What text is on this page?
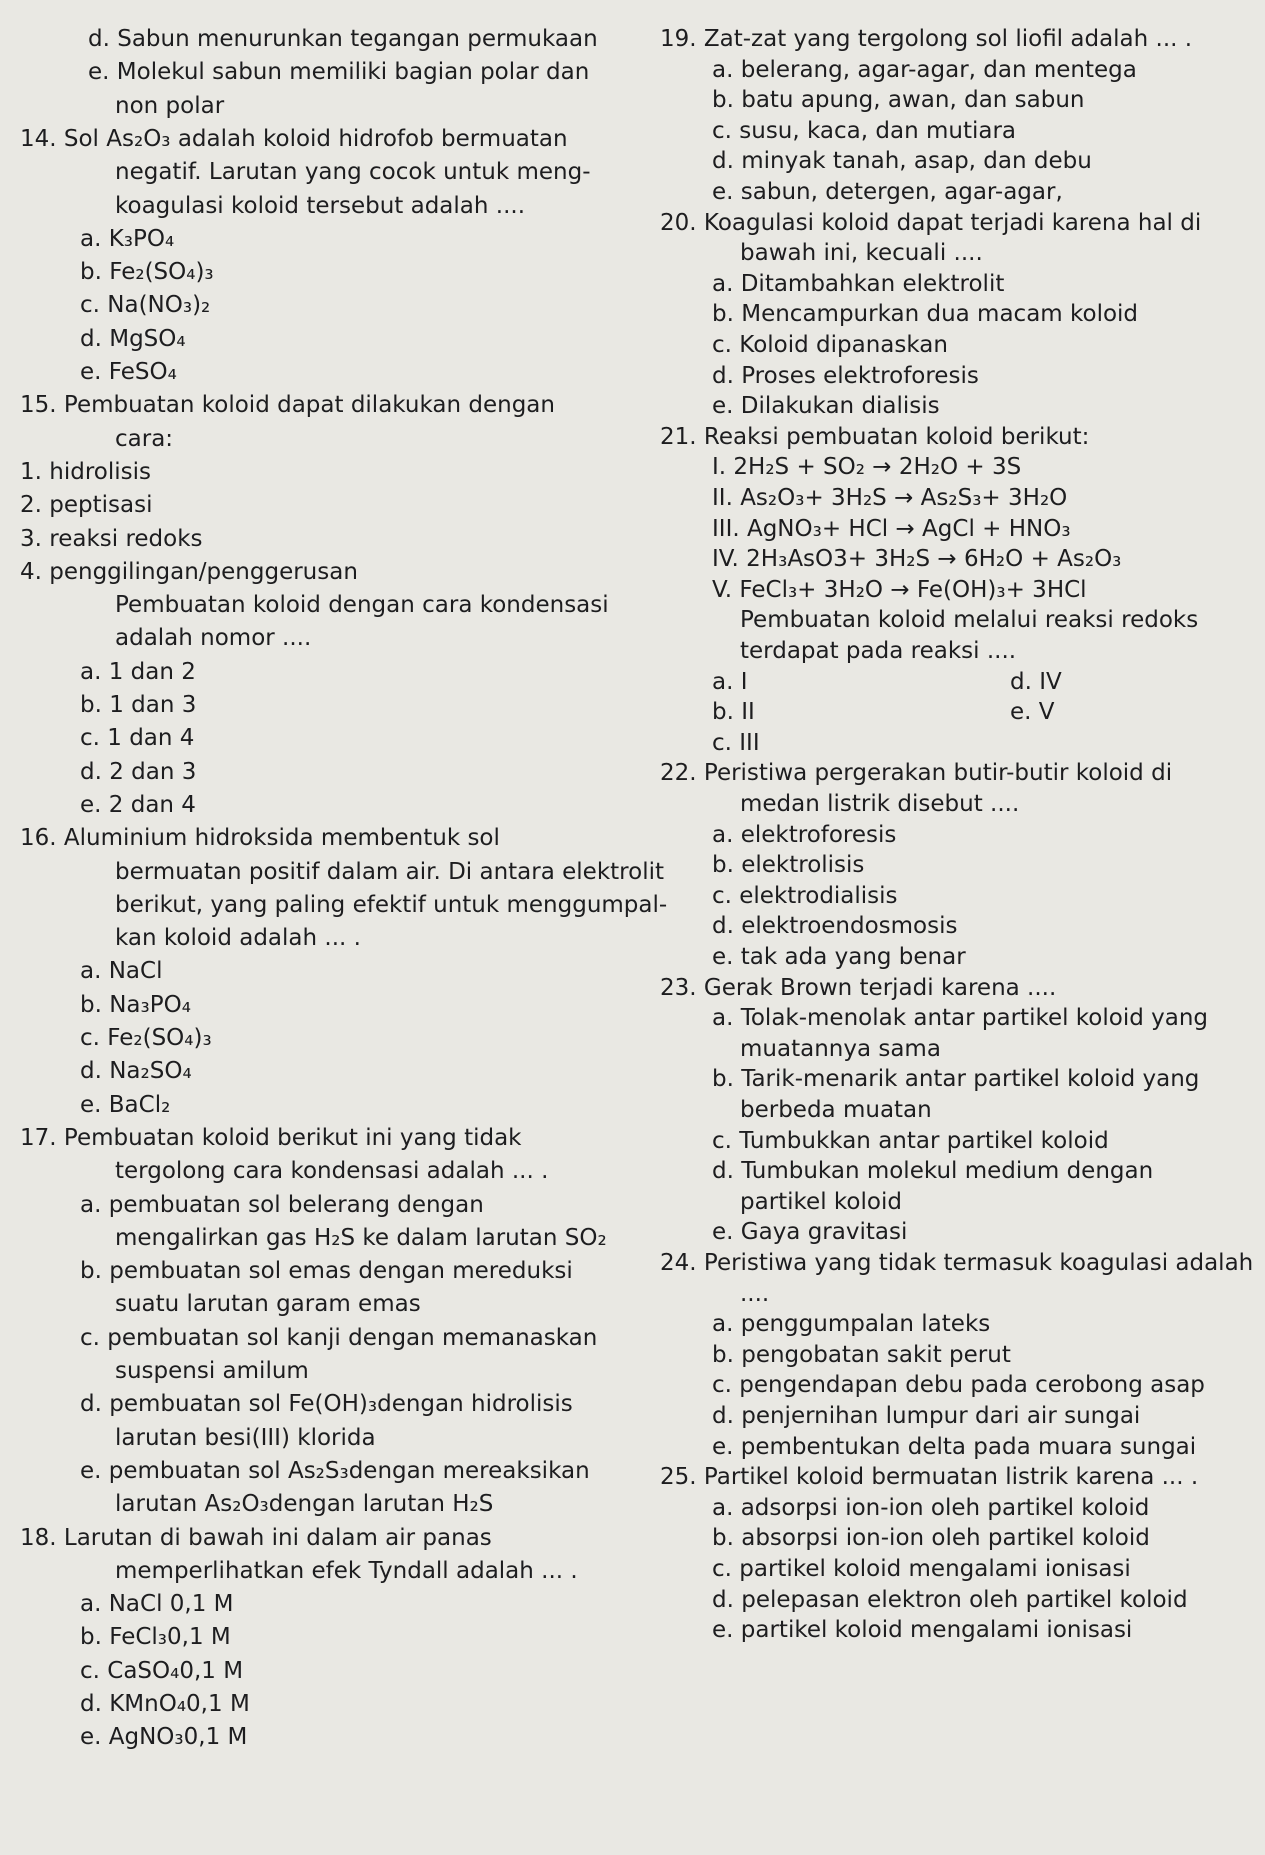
d. Sabun menurunkan tegangan permukaan
e. Molekul sabun memiliki bagian polar dan
non polar
14. Sol As₂O₃ adalah koloid hidrofob bermuatan
negatif. Larutan yang cocok untuk meng-
koagulasi koloid tersebut adalah ....
a. K₃PO₄
b. Fe₂(SO₄)₃
c. Na(NO₃)₂
d. MgSO₄
e. FeSO₄
15. Pembuatan koloid dapat dilakukan dengan
cara:
1. hidrolisis
2. peptisasi
3. reaksi redoks
4. penggilingan/penggerusan
Pembuatan koloid dengan cara kondensasi
adalah nomor ....
a. 1 dan 2
b. 1 dan 3
c. 1 dan 4
d. 2 dan 3
e. 2 dan 4
16. Aluminium hidroksida membentuk sol
bermuatan positif dalam air. Di antara elektrolit
berikut, yang paling efektif untuk menggumpal-
kan koloid adalah ... .
a. NaCl
b. Na₃PO₄
c. Fe₂(SO₄)₃
d. Na₂SO₄
e. BaCl₂
17. Pembuatan koloid berikut ini yang tidak
tergolong cara kondensasi adalah ... .
a. pembuatan sol belerang dengan
mengalirkan gas H₂S ke dalam larutan SO₂
b. pembuatan sol emas dengan mereduksi
suatu larutan garam emas
c. pembuatan sol kanji dengan memanaskan
suspensi amilum
d. pembuatan sol Fe(OH)₃dengan hidrolisis
larutan besi(III) klorida
e. pembuatan sol As₂S₃dengan mereaksikan
larutan As₂O₃dengan larutan H₂S
18. Larutan di bawah ini dalam air panas
memperlihatkan efek Tyndall adalah ... .
a. NaCl 0,1 M
b. FeCl₃0,1 M
c. CaSO₄0,1 M
d. KMnO₄0,1 M
e. AgNO₃0,1 M
19. Zat-zat yang tergolong sol liofil adalah ... .
a. belerang, agar-agar, dan mentega
b. batu apung, awan, dan sabun
c. susu, kaca, dan mutiara
d. minyak tanah, asap, dan debu
e. sabun, detergen, agar-agar,
20. Koagulasi koloid dapat terjadi karena hal di
bawah ini, kecuali ....
a. Ditambahkan elektrolit
b. Mencampurkan dua macam koloid
c. Koloid dipanaskan
d. Proses elektroforesis
e. Dilakukan dialisis
21. Reaksi pembuatan koloid berikut:
I. 2H₂S + SO₂ → 2H₂O + 3S
II. As₂O₃+ 3H₂S → As₂S₃+ 3H₂O
III. AgNO₃+ HCl → AgCl + HNO₃
IV. 2H₃AsO3+ 3H₂S → 6H₂O + As₂O₃
V. FeCl₃+ 3H₂O → Fe(OH)₃+ 3HCl
Pembuatan koloid melalui reaksi redoks
terdapat pada reaksi ....
a. I	d. IV
b. II	e. V
c. III
22. Peristiwa pergerakan butir-butir koloid di
medan listrik disebut ....
a. elektroforesis
b. elektrolisis
c. elektrodialisis
d. elektroendosmosis
e. tak ada yang benar
23. Gerak Brown terjadi karena ....
a. Tolak-menolak antar partikel koloid yang
muatannya sama
b. Tarik-menarik antar partikel koloid yang
berbeda muatan
c. Tumbukkan antar partikel koloid
d. Tumbukan molekul medium dengan
partikel koloid
e. Gaya gravitasi
24. Peristiwa yang tidak termasuk koagulasi adalah
....
a. penggumpalan lateks
b. pengobatan sakit perut
c. pengendapan debu pada cerobong asap
d. penjernihan lumpur dari air sungai
e. pembentukan delta pada muara sungai
25. Partikel koloid bermuatan listrik karena ... .
a. adsorpsi ion-ion oleh partikel koloid
b. absorpsi ion-ion oleh partikel koloid
c. partikel koloid mengalami ionisasi
d. pelepasan elektron oleh partikel koloid
e. partikel koloid mengalami ionisasi
